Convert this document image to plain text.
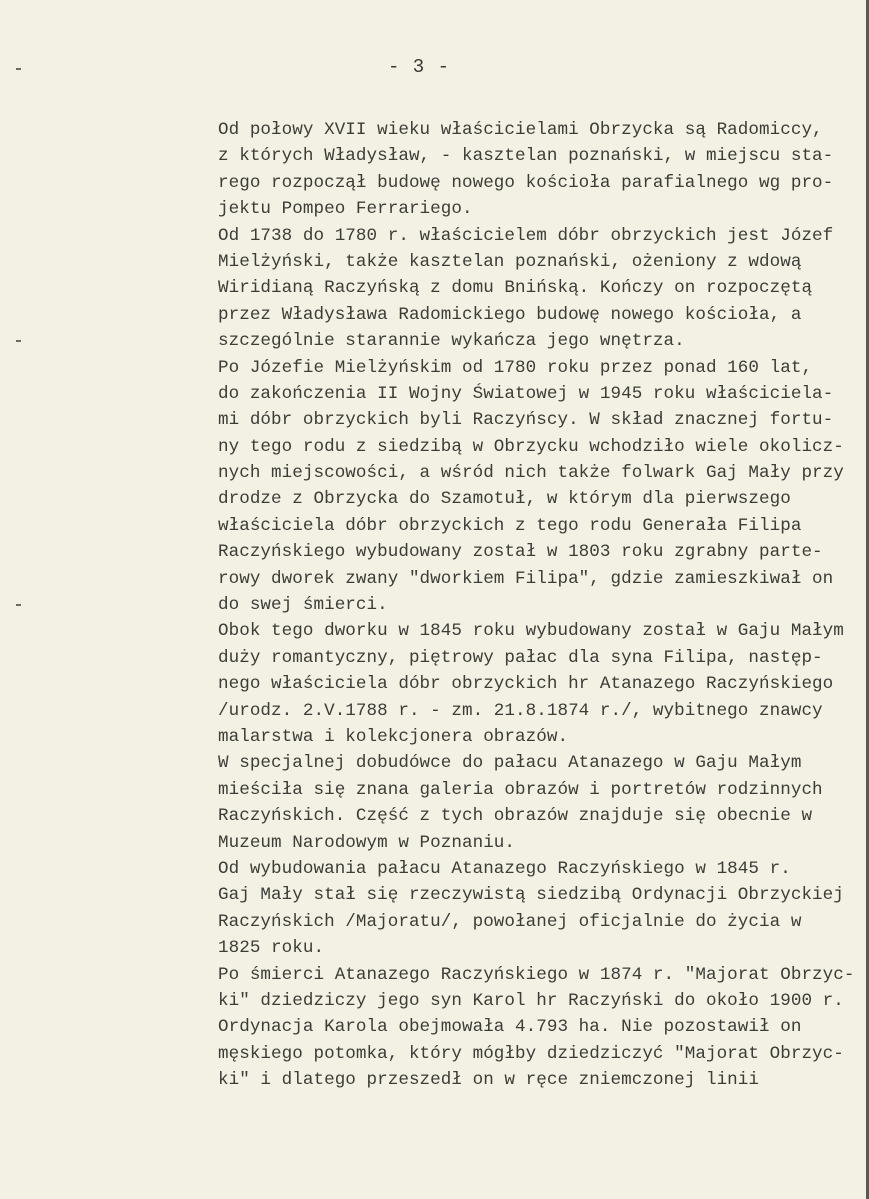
- 3 -
Od połowy XVII wieku właścicielami Obrzycka są Radomiccy,
z których Władysław, - kasztelan poznański, w miejscu sta-
rego rozpoczął budowę nowego kościoła parafialnego wg pro-
jektu Pompeo Ferrariego.
Od 1738 do 1780 r. właścicielem dóbr obrzyckich jest Józef
Mielżyński, także kasztelan poznański, ożeniony z wdową
Wiridianą Raczyńską z domu Bnińską. Kończy on rozpoczętą
przez Władysława Radomickiego budowę nowego kościoła, a
szczególnie starannie wykańcza jego wnętrza.
Po Józefie Mielżyńskim od 1780 roku przez ponad 160 lat,
do zakończenia II Wojny Światowej w 1945 roku właściciela-
mi dóbr obrzyckich byli Raczyńscy. W skład znacznej fortu-
ny tego rodu z siedzibą w Obrzycku wchodziło wiele okolicz-
nych miejscowości, a wśród nich także folwark Gaj Mały przy
drodze z Obrzycka do Szamotuł, w którym dla pierwszego
właściciela dóbr obrzyckich z tego rodu Generała Filipa
Raczyńskiego wybudowany został w 1803 roku zgrabny parte-
rowy dworek zwany "dworkiem Filipa", gdzie zamieszkiwał on
do swej śmierci.
Obok tego dworku w 1845 roku wybudowany został w Gaju Małym
duży romantyczny, piętrowy pałac dla syna Filipa, następ-
nego właściciela dóbr obrzyckich hr Atanazego Raczyńskiego
/urodz. 2.V.1788 r. - zm. 21.8.1874 r./, wybitnego znawcy
malarstwa i kolekcjonera obrazów.
W specjalnej dobudówce do pałacu Atanazego w Gaju Małym
mieściła się znana galeria obrazów i portretów rodzinnych
Raczyńskich. Część z tych obrazów znajduje się obecnie w
Muzeum Narodowym w Poznaniu.
Od wybudowania pałacu Atanazego Raczyńskiego w 1845 r.
Gaj Mały stał się rzeczywistą siedzibą Ordynacji Obrzyckiej
Raczyńskich /Majoratu/, powołanej oficjalnie do życia w
1825 roku.
Po śmierci Atanazego Raczyńskiego w 1874 r. "Majorat Obrzyc-
ki" dziedziczy jego syn Karol hr Raczyński do około 1900 r.
Ordynacja Karola obejmowała 4.793 ha. Nie pozostawił on
męskiego potomka, który mógłby dziedziczyć "Majorat Obrzyc-
ki" i dlatego przeszedł on w ręce zniemczonej linii
